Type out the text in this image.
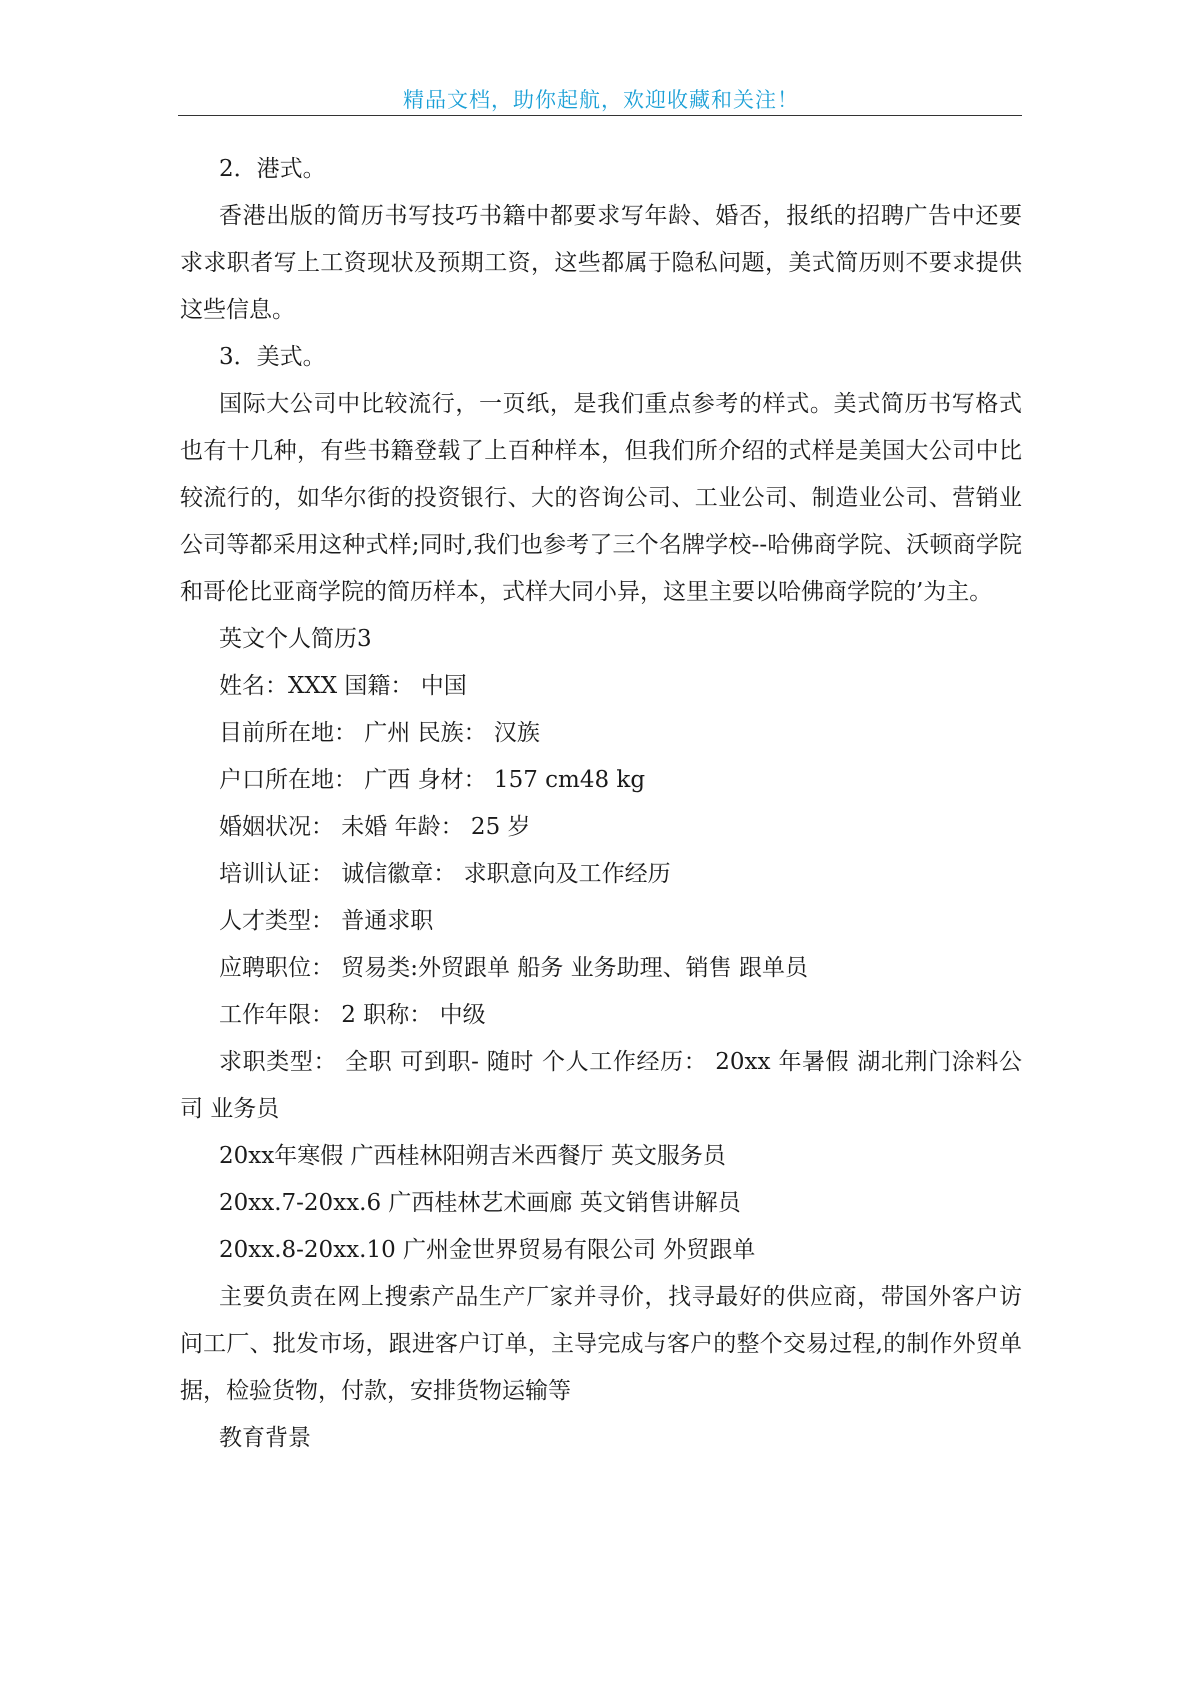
精品文档，助你起航，欢迎收藏和关注！

2．港式。

香港出版的简历书写技巧书籍中都要求写年龄、婚否，报纸的招聘广告中还要求求职者写上工资现状及预期工资，这些都属于隐私问题，美式简历则不要求提供这些信息。

3．美式。

国际大公司中比较流行，一页纸，是我们重点参考的样式。美式简历书写格式也有十几种，有些书籍登载了上百种样本，但我们所介绍的式样是美国大公司中比较流行的，如华尔街的投资银行、大的咨询公司、工业公司、制造业公司、营销业公司等都采用这种式样;同时,我们也参考了三个名牌学校--哈佛商学院、沃顿商学院和哥伦比亚商学院的简历样本，式样大同小异，这里主要以哈佛商学院的’为主。

英文个人简历3

姓名：XXX 国籍： 中国

目前所在地： 广州 民族： 汉族

户口所在地： 广西 身材： 157 cm48 kg

婚姻状况： 未婚 年龄： 25 岁

培训认证： 诚信徽章： 求职意向及工作经历

人才类型： 普通求职

应聘职位： 贸易类:外贸跟单 船务 业务助理、销售 跟单员

工作年限： 2 职称： 中级

求职类型： 全职 可到职- 随时 个人工作经历： 20xx 年暑假 湖北荆门涂料公司 业务员

20xx年寒假 广西桂林阳朔吉米西餐厅 英文服务员

20xx.7-20xx.6 广西桂林艺术画廊 英文销售讲解员

20xx.8-20xx.10 广州金世界贸易有限公司 外贸跟单

主要负责在网上搜索产品生产厂家并寻价，找寻最好的供应商，带国外客户访问工厂、批发市场，跟进客户订单，主导完成与客户的整个交易过程,的制作外贸单据，检验货物，付款，安排货物运输等

教育背景
